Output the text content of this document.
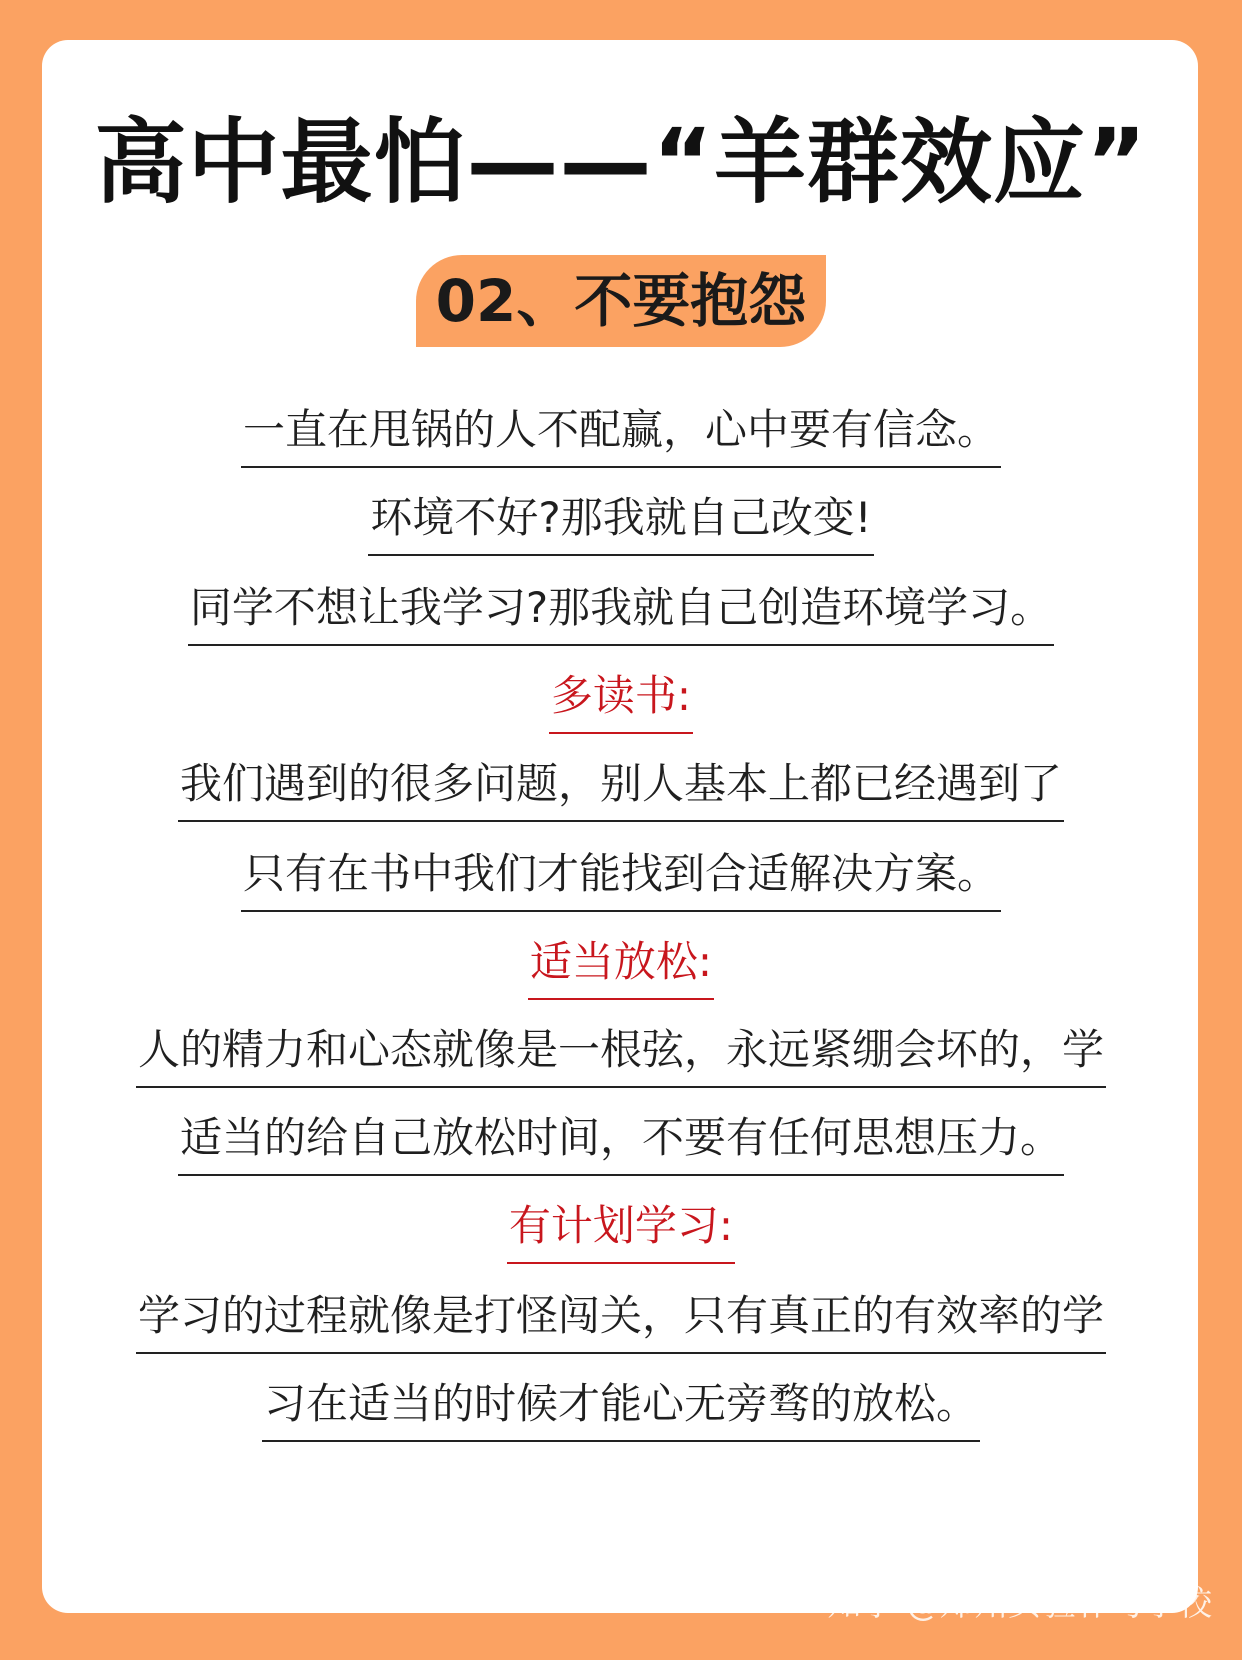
高中最怕——“羊群效应”
02、不要抱怨
一直在甩锅的人不配赢，心中要有信念。
环境不好?那我就自己改变!
同学不想让我学习?那我就自己创造环境学习。
多读书:
我们遇到的很多问题，别人基本上都已经遇到了
只有在书中我们才能找到合适解决方案。
适当放松:
人的精力和心态就像是一根弦，永远紧绷会坏的，学
适当的给自己放松时间，不要有任何思想压力。
有计划学习:
学习的过程就像是打怪闯关，只有真正的有效率的学
习在适当的时候才能心无旁骛的放松。
知乎 @郑州实验补习学校
